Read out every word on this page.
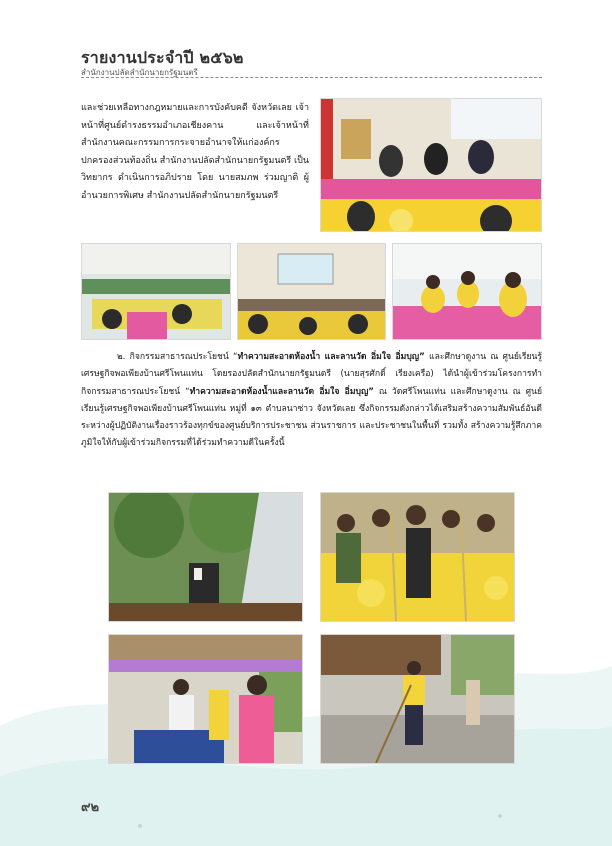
รายงานประจำปี ๒๕๖๒
สำนักงานปลัดสำนักนายกรัฐมนตรี
และช่วยเหลือทางกฎหมายและการบังคับคดี จังหวัดเลย เจ้าหน้าที่ศูนย์ดำรงธรรมอำเภอเชียงคาน และเจ้าหน้าที่สำนักงานคณะกรรมการกระจายอำนาจให้แก่องค์กรปกครองส่วนท้องถิ่น สำนักงานปลัดสำนักนายกรัฐมนตรี เป็นวิทยากร ดำเนินการอภิปราย โดย นายสมภพ ร่วมญาติ ผู้อำนวยการพิเศษ สำนักงานปลัดสำนักนายกรัฐมนตรี
๒. กิจกรรมสาธารณประโยชน์ “ทำความสะอาดห้องน้ำ และลานวัด อิ่มใจ อิ่มบุญ” และศึกษาดูงาน ณ ศูนย์เรียนรู้เศรษฐกิจพอเพียงบ้านศรีโพนแท่น โดยรองปลัดสำนักนายกรัฐมนตรี (นายสุรศักดิ์ เรียงเครือ) ได้นำผู้เข้าร่วมโครงการทำกิจกรรมสาธารณประโยชน์ “ทำความสะอาดห้องน้ำและลานวัด อิ่มใจ อิ่มบุญ” ณ วัดศรีโพนแท่น และศึกษาดูงาน ณ ศูนย์เรียนรู้เศรษฐกิจพอเพียงบ้านศรีโพนแท่น หมู่ที่ ๑๓ ตำบลนาซ่าว จังหวัดเลย ซึ่งกิจกรรมดังกล่าวได้เสริมสร้างความสัมพันธ์อันดีระหว่างผู้ปฏิบัติงานเรื่องราวร้องทุกข์ของศูนย์บริการประชาชน ส่วนราชการ และประชาชนในพื้นที่ รวมทั้ง สร้างความรู้สึกภาคภูมิใจให้กับผู้เข้าร่วมกิจกรรมที่ได้ร่วมทำความดีในครั้งนี้
๙๒
